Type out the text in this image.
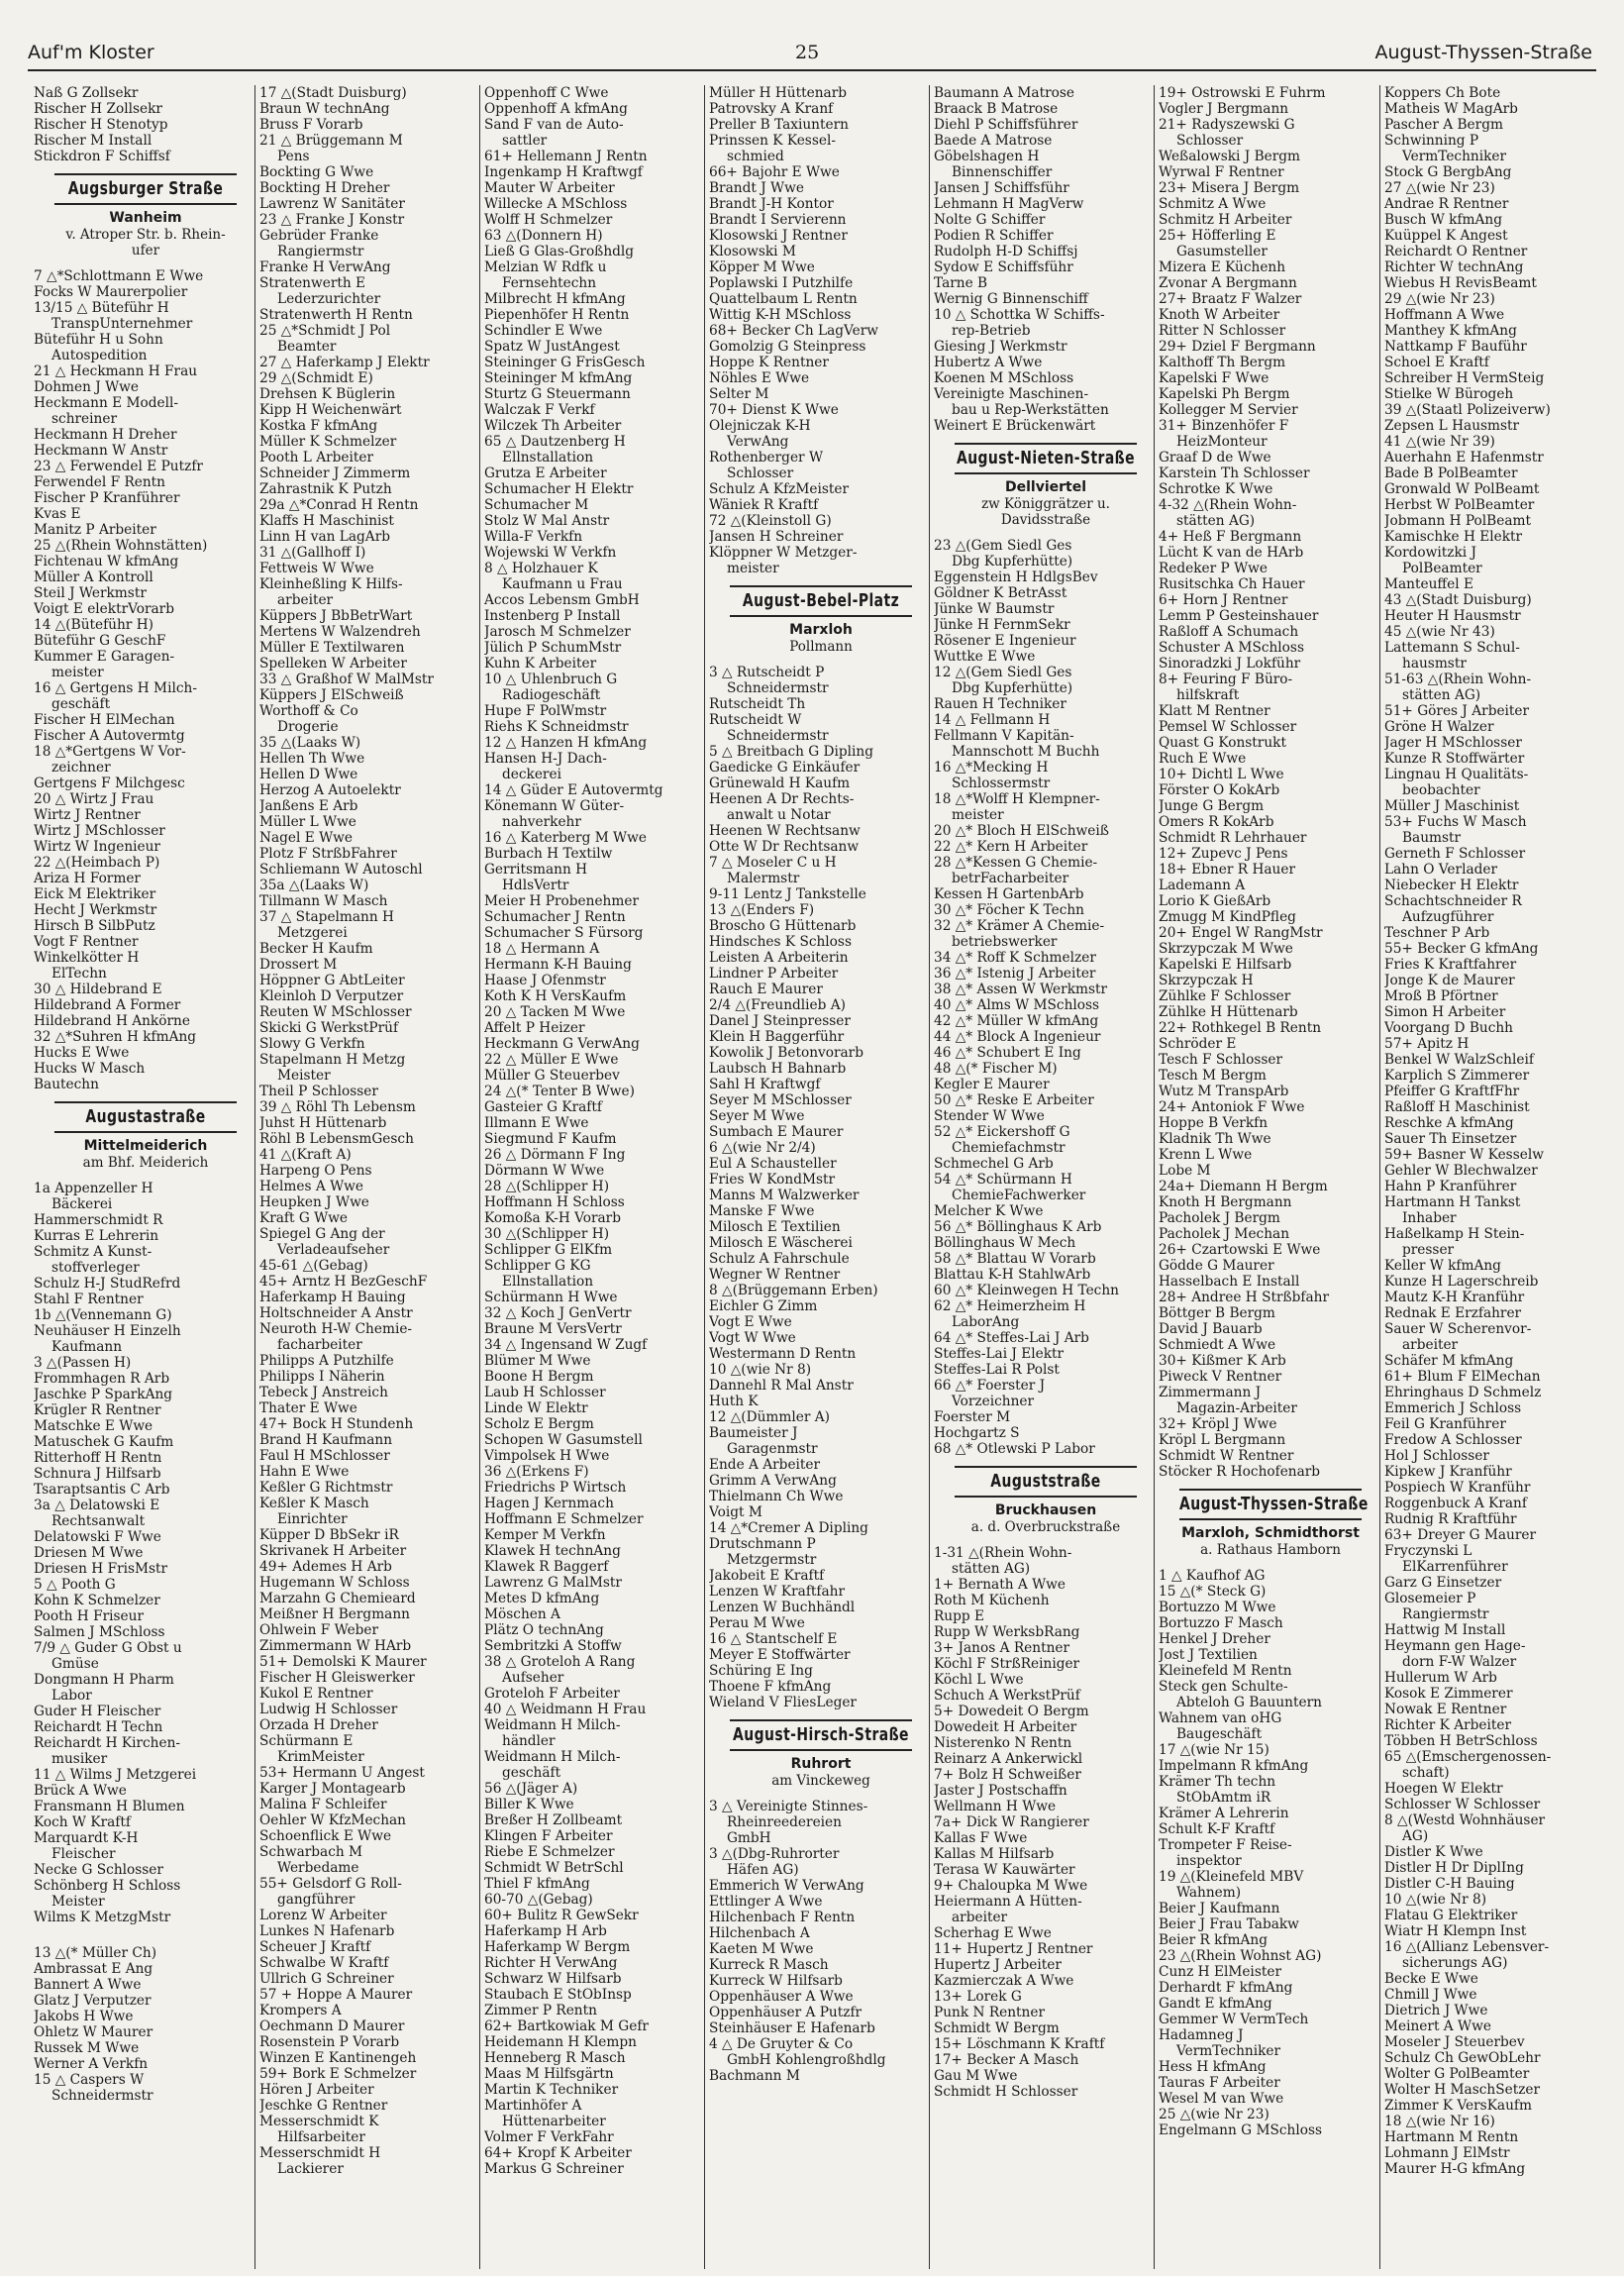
Auf'm Kloster	25	August-Thyssen-Straße
Naß G Zollsekr
Rischer H Zollsekr
Rischer H Stenotyp
Rischer M Install
Stickdron F Schiffsf
Augsburger Straße
Wanheim
v. Atroper Str. b. Rhein-
ufer
7 △*Schlottmann E Wwe
Focks W Maurerpolier
13/15 △ Büteführ H
TranspUnternehmer
Büteführ H u Sohn
Autospedition
21 △ Heckmann H Frau
Dohmen J Wwe
Heckmann E Modell-
schreiner
Heckmann H Dreher
Heckmann W Anstr
23 △ Ferwendel E Putzfr
Ferwendel F Rentn
Fischer P Kranführer
Kvas E
Manitz P Arbeiter
25 △(Rhein Wohnstätten)
Fichtenau W kfmAng
Müller A Kontroll
Steil J Werkmstr
Voigt E elektrVorarb
14 △(Büteführ H)
Büteführ G GeschF
Kummer E Garagen-
meister
16 △ Gertgens H Milch-
geschäft
Fischer H ElMechan
Fischer A Autovermtg
18 △*Gertgens W Vor-
zeichner
Gertgens F Milchgesc
20 △ Wirtz J Frau
Wirtz J Rentner
Wirtz J MSchlosser
Wirtz W Ingenieur
22 △(Heimbach P)
Ariza H Former
Eick M Elektriker
Hecht J Werkmstr
Hirsch B SilbPutz
Vogt F Rentner
Winkelkötter H
ElTechn
30 △ Hildebrand E
Hildebrand A Former
Hildebrand H Ankörne
32 △*Suhren H kfmAng
Hucks E Wwe
Hucks W Masch
Bautechn
Augustastraße
Mittelmeiderich
am Bhf. Meiderich
1a Appenzeller H
Bäckerei
Hammerschmidt R
Kurras E Lehrerin
Schmitz A Kunst-
stoffverleger
Schulz H-J StudRefrd
Stahl F Rentner
1b △(Vennemann G)
Neuhäuser H Einzelh
Kaufmann
3 △(Passen H)
Frommhagen R Arb
Jaschke P SparkAng
Krügler R Rentner
Matschke E Wwe
Matuschek G Kaufm
Ritterhoff H Rentn
Schnura J Hilfsarb
Tsaraptsantis C Arb
3a △ Delatowski E
Rechtsanwalt
Delatowski F Wwe
Driesen M Wwe
Driesen H FrisMstr
5 △ Pooth G
Kohn K Schmelzer
Pooth H Friseur
Salmen J MSchloss
7/9 △ Guder G Obst u
Gmüse
Dongmann H Pharm
Labor
Guder H Fleischer
Reichardt H Techn
Reichardt H Kirchen-
musiker
11 △ Wilms J Metzgerei
Brück A Wwe
Fransmann H Blumen
Koch W Kraftf
Marquardt K-H
Fleischer
Necke G Schlosser
Schönberg H Schloss
Meister
Wilms K MetzgMstr
13 △(* Müller Ch)
Ambrassat E Ang
Bannert A Wwe
Glatz J Verputzer
Jakobs H Wwe
Ohletz W Maurer
Russek M Wwe
Werner A Verkfn
15 △ Caspers W
Schneidermstr
17 △(Stadt Duisburg)
Braun W technAng
Bruss F Vorarb
21 △ Brüggemann M
Pens
Bockting G Wwe
Bockting H Dreher
Lawrenz W Sanitäter
23 △ Franke J Konstr
Gebrüder Franke
Rangiermstr
Franke H VerwAng
Stratenwerth E
Lederzurichter
Stratenwerth H Rentn
25 △*Schmidt J Pol
Beamter
27 △ Haferkamp J Elektr
29 △(Schmidt E)
Drehsen K Büglerin
Kipp H Weichenwärt
Kostka F kfmAng
Müller K Schmelzer
Pooth L Arbeiter
Schneider J Zimmerm
Zahrastnik K Putzh
29a △*Conrad H Rentn
Klaffs H Maschinist
Linn H van LagArb
31 △(Gallhoff I)
Fettweis W Wwe
Kleinheßling K Hilfs-
arbeiter
Küppers J BbBetrWart
Mertens W Walzendreh
Müller E Textilwaren
Spelleken W Arbeiter
33 △ Graßhof W MalMstr
Küppers J ElSchweiß
Worthoff & Co
Drogerie
35 △(Laaks W)
Hellen Th Wwe
Hellen D Wwe
Herzog A Autoelektr
Janßens E Arb
Müller L Wwe
Nagel E Wwe
Plotz F StrßbFahrer
Schliemann W Autoschl
35a △(Laaks W)
Tillmann W Masch
37 △ Stapelmann H
Metzgerei
Becker H Kaufm
Drossert M
Höppner G AbtLeiter
Kleinloh D Verputzer
Reuten W MSchlosser
Skicki G WerkstPrüf
Slowy G Verkfn
Stapelmann H Metzg
Meister
Theil P Schlosser
39 △ Röhl Th Lebensm
Juhst H Hüttenarb
Röhl B LebensmGesch
41 △(Kraft A)
Harpeng O Pens
Helmes A Wwe
Heupken J Wwe
Kraft G Wwe
Spiegel G Ang der
Verladeaufseher
45-61 △(Gebag)
45+ Arntz H BezGeschF
Haferkamp H Bauing
Holtschneider A Anstr
Neuroth H-W Chemie-
facharbeiter
Philipps A Putzhilfe
Philipps I Näherin
Tebeck J Anstreich
Thater E Wwe
47+ Bock H Stundenh
Brand H Kaufmann
Faul H MSchlosser
Hahn E Wwe
Keßler G Richtmstr
Keßler K Masch
Einrichter
Küpper D BbSekr iR
Skrivanek H Arbeiter
49+ Ademes H Arb
Hugemann W Schloss
Marzahn G Chemieard
Meißner H Bergmann
Ohlwein F Weber
Zimmermann W HArb
51+ Demolski K Maurer
Fischer H Gleiswerker
Kukol E Rentner
Ludwig H Schlosser
Orzada H Dreher
Schürmann E
KrimMeister
53+ Hermann U Angest
Karger J Montagearb
Malina F Schleifer
Oehler W KfzMechan
Schoenflick E Wwe
Schwarbach M
Werbedame
55+ Gelsdorf G Roll-
gangführer
Lorenz W Arbeiter
Lunkes N Hafenarb
Scheuer J Kraftf
Schwalbe W Kraftf
Ullrich G Schreiner
57 + Hoppe A Maurer
Krompers A
Oechmann D Maurer
Rosenstein P Vorarb
Winzen E Kantinengeh
59+ Bork E Schmelzer
Hören J Arbeiter
Jeschke G Rentner
Messerschmidt K
Hilfsarbeiter
Messerschmidt H
Lackierer
Oppenhoff C Wwe
Oppenhoff A kfmAng
Sand F van de Auto-
sattler
61+ Hellemann J Rentn
Ingenkamp H Kraftwgf
Mauter W Arbeiter
Willecke A MSchloss
Wolff H Schmelzer
63 △(Donnern H)
Ließ G Glas-Großhdlg
Melzian W Rdfk u
Fernsehtechn
Milbrecht H kfmAng
Piepenhöfer H Rentn
Schindler E Wwe
Spatz W JustAngest
Steininger G FrisGesch
Steininger M kfmAng
Sturtz G Steuermann
Walczak F Verkf
Wilczek Th Arbeiter
65 △ Dautzenberg H
Ellnstallation
Grutza E Arbeiter
Schumacher H Elektr
Schumacher M
Stolz W Mal Anstr
Willa-F Verkfn
Wojewski W Verkfn
8 △ Holzhauer K
Kaufmann u Frau
Accos Lebensm GmbH
Instenberg P Install
Jarosch M Schmelzer
Jülich P SchumMstr
Kuhn K Arbeiter
10 △ Uhlenbruch G
Radiogeschäft
Hupe F PolWmstr
Riehs K Schneidmstr
12 △ Hanzen H kfmAng
Hansen H-J Dach-
deckerei
14 △ Güder E Autovermtg
Könemann W Güter-
nahverkehr
16 △ Katerberg M Wwe
Burbach H Textilw
Gerritsmann H
HdlsVertr
Meier H Probenehmer
Schumacher J Rentn
Schumacher S Fürsorg
18 △ Hermann A
Hermann K-H Bauing
Haase J Ofenmstr
Koth K H VersKaufm
20 △ Tacken M Wwe
Affelt P Heizer
Heckmann G VerwAng
22 △ Müller E Wwe
Müller G Steuerbev
24 △(* Tenter B Wwe)
Gasteier G Kraftf
Illmann E Wwe
Siegmund F Kaufm
26 △ Dörmann F Ing
Dörmann W Wwe
28 △(Schlipper H)
Hoffmann H Schloss
Komoßa K-H Vorarb
30 △(Schlipper H)
Schlipper G ElKfm
Schlipper G KG
Ellnstallation
Schürmann H Wwe
32 △ Koch J GenVertr
Braune M VersVertr
34 △ Ingensand W Zugf
Blümer M Wwe
Boone H Bergm
Laub H Schlosser
Linde W Elektr
Scholz E Bergm
Schopen W Gasumstell
Vimpolsek H Wwe
36 △(Erkens F)
Friedrichs P Wirtsch
Hagen J Kernmach
Hoffmann E Schmelzer
Kemper M Verkfn
Klawek H technAng
Klawek R Baggerf
Lawrenz G MalMstr
Metes D kfmAng
Möschen A
Plätz O technAng
Sembritzki A Stoffw
38 △ Groteloh A Rang
Aufseher
Groteloh F Arbeiter
40 △ Weidmann H Frau
Weidmann H Milch-
händler
Weidmann H Milch-
geschäft
56 △(Jäger A)
Biller K Wwe
Breßer H Zollbeamt
Klingen F Arbeiter
Riebe E Schmelzer
Schmidt W BetrSchl
Thiel F kfmAng
60-70 △(Gebag)
60+ Bulitz R GewSekr
Haferkamp H Arb
Haferkamp W Bergm
Richter H VerwAng
Schwarz W Hilfsarb
Staubach E StObInsp
Zimmer P Rentn
62+ Bartkowiak M Gefr
Heidemann H Klempn
Henneberg R Masch
Maas M Hilfsgärtn
Martin K Techniker
Martinhöfer A
Hüttenarbeiter
Volmer F VerkFahr
64+ Kropf K Arbeiter
Markus G Schreiner
Müller H Hüttenarb
Patrovsky A Kranf
Preller B Taxiuntern
Prinssen K Kessel-
schmied
66+ Bajohr E Wwe
Brandt J Wwe
Brandt J-H Kontor
Brandt I Servierenn
Klosowski J Rentner
Klosowski M
Köpper M Wwe
Poplawski I Putzhilfe
Quattelbaum L Rentn
Wittig K-H MSchloss
68+ Becker Ch LagVerw
Gomolzig G Steinpress
Hoppe K Rentner
Nöhles E Wwe
Selter M
70+ Dienst K Wwe
Olejniczak K-H
VerwAng
Rothenberger W
Schlosser
Schulz A KfzMeister
Wäniek R Kraftf
72 △(Kleinstoll G)
Jansen H Schreiner
Klöppner W Metzger-
meister
August-Bebel-Platz
Marxloh
Pollmann
3 △ Rutscheidt P
Schneidermstr
Rutscheidt Th
Rutscheidt W
Schneidermstr
5 △ Breitbach G Dipling
Gaedicke G Einkäufer
Grünewald H Kaufm
Heenen A Dr Rechts-
anwalt u Notar
Heenen W Rechtsanw
Otte W Dr Rechtsanw
7 △ Moseler C u H
Malermstr
9-11 Lentz J Tankstelle
13 △(Enders F)
Broscho G Hüttenarb
Hindsches K Schloss
Leisten A Arbeiterin
Lindner P Arbeiter
Rauch E Maurer
2/4 △(Freundlieb A)
Danel J Steinpresser
Klein H Baggerführ
Kowolik J Betonvorarb
Laubsch H Bahnarb
Sahl H Kraftwgf
Seyer M MSchlosser
Seyer M Wwe
Sumbach E Maurer
6 △(wie Nr 2/4)
Eul A Schausteller
Fries W KondMstr
Manns M Walzwerker
Manske F Wwe
Milosch E Textilien
Milosch E Wäscherei
Schulz A Fahrschule
Wegner W Rentner
8 △(Brüggemann Erben)
Eichler G Zimm
Vogt E Wwe
Vogt W Wwe
Westermann D Rentn
10 △(wie Nr 8)
Dannehl R Mal Anstr
Huth K
12 △(Dümmler A)
Baumeister J
Garagenmstr
Ende A Arbeiter
Grimm A VerwAng
Thielmann Ch Wwe
Voigt M
14 △*Cremer A Dipling
Drutschmann P
Metzgermstr
Jakobeit E Kraftf
Lenzen W Kraftfahr
Lenzen W Buchhändl
Perau M Wwe
16 △ Stantschelf E
Meyer E Stoffwärter
Schüring E Ing
Thoene F kfmAng
Wieland V FliesLeger
August-Hirsch-Straße
Ruhrort
am Vinckeweg
3 △ Vereinigte Stinnes-
Rheinreedereien
GmbH
3 △(Dbg-Ruhrorter
Häfen AG)
Emmerich W VerwAng
Ettlinger A Wwe
Hilchenbach F Rentn
Hilchenbach A
Kaeten M Wwe
Kurreck R Masch
Kurreck W Hilfsarb
Oppenhäuser A Wwe
Oppenhäuser A Putzfr
Steinhäuser E Hafenarb
4 △ De Gruyter & Co
GmbH Kohlengroßhdlg
Bachmann M
Baumann A Matrose
Braack B Matrose
Diehl P Schiffsführer
Baede A Matrose
Göbelshagen H
Binnenschiffer
Jansen J Schiffsführ
Lehmann H MagVerw
Nolte G Schiffer
Podien R Schiffer
Rudolph H-D Schiffsj
Sydow E Schiffsführ
Tarne B
Wernig G Binnenschiff
10 △ Schottka W Schiffs-
rep-Betrieb
Giesing J Werkmstr
Hubertz A Wwe
Koenen M MSchloss
Vereinigte Maschinen-
bau u Rep-Werkstätten
Weinert E Brückenwärt
August-Nieten-Straße
Dellviertel
zw Königgrätzer u.
Davidsstraße
23 △(Gem Siedl Ges
Dbg Kupferhütte)
Eggenstein H HdlgsBev
Göldner K BetrAsst
Jünke W Baumstr
Jünke H FernmSekr
Rösener E Ingenieur
Wuttke E Wwe
12 △(Gem Siedl Ges
Dbg Kupferhütte)
Rauen H Techniker
14 △ Fellmann H
Fellmann V Kapitän-
Mannschott M Buchh
16 △*Mecking H
Schlossermstr
18 △*Wolff H Klempner-
meister
20 △* Bloch H ElSchweiß
22 △* Kern H Arbeiter
28 △*Kessen G Chemie-
betrFacharbeiter
Kessen H GartenbArb
30 △* Föcher K Techn
32 △* Krämer A Chemie-
betriebswerker
34 △* Roff K Schmelzer
36 △* Istenig J Arbeiter
38 △* Assen W Werkmstr
40 △* Alms W MSchloss
42 △* Müller W kfmAng
44 △* Block A Ingenieur
46 △* Schubert E Ing
48 △(* Fischer M)
Kegler E Maurer
50 △* Reske E Arbeiter
Stender W Wwe
52 △* Eickershoff G
Chemiefachmstr
Schmechel G Arb
54 △* Schürmann H
ChemieFachwerker
Melcher K Wwe
56 △* Böllinghaus K Arb
Böllinghaus W Mech
58 △* Blattau W Vorarb
Blattau K-H StahlwArb
60 △* Kleinwegen H Techn
62 △* Heimerzheim H
LaborAng
64 △* Steffes-Lai J Arb
Steffes-Lai J Elektr
Steffes-Lai R Polst
66 △* Foerster J
Vorzeichner
Foerster M
Hochgartz S
68 △* Otlewski P Labor
Auguststraße
Bruckhausen
a. d. Overbruckstraße
1-31 △(Rhein Wohn-
stätten AG)
1+ Bernath A Wwe
Roth M Küchenh
Rupp E
Rupp W WerksbRang
3+ Janos A Rentner
Köchl F StrßReiniger
Köchl L Wwe
Schuch A WerkstPrüf
5+ Dowedeit O Bergm
Dowedeit H Arbeiter
Nisterenko N Rentn
Reinarz A Ankerwickl
7+ Bolz H Schweißer
Jaster J Postschaffn
Wellmann H Wwe
7a+ Dick W Rangierer
Kallas F Wwe
Kallas M Hilfsarb
Terasa W Kauwärter
9+ Chaloupka M Wwe
Heiermann A Hütten-
arbeiter
Scherhag E Wwe
11+ Hupertz J Rentner
Hupertz J Arbeiter
Kazmierczak A Wwe
13+ Lorek G
Punk N Rentner
Schmidt W Bergm
15+ Löschmann K Kraftf
17+ Becker A Masch
Gau M Wwe
Schmidt H Schlosser
19+ Ostrowski E Fuhrm
Vogler J Bergmann
21+ Radyszewski G
Schlosser
Weßalowski J Bergm
Wyrwal F Rentner
23+ Misera J Bergm
Schmitz A Wwe
Schmitz H Arbeiter
25+ Höfferling E
Gasumsteller
Mizera E Küchenh
Zvonar A Bergmann
27+ Braatz F Walzer
Knoth W Arbeiter
Ritter N Schlosser
29+ Dziel F Bergmann
Kalthoff Th Bergm
Kapelski F Wwe
Kapelski Ph Bergm
Kollegger M Servier
31+ Binzenhöfer F
HeizMonteur
Graaf D de Wwe
Karstein Th Schlosser
Schrotke K Wwe
4-32 △(Rhein Wohn-
stätten AG)
4+ Heß F Bergmann
Lücht K van de HArb
Redeker P Wwe
Rusitschka Ch Hauer
6+ Horn J Rentner
Lemm P Gesteinshauer
Raßloff A Schumach
Schuster A MSchloss
Sinoradzki J Lokführ
8+ Feuring F Büro-
hilfskraft
Klatt M Rentner
Pemsel W Schlosser
Quast G Konstrukt
Ruch E Wwe
10+ Dichtl L Wwe
Förster O KokArb
Junge G Bergm
Omers R KokArb
Schmidt R Lehrhauer
12+ Zupevc J Pens
18+ Ebner R Hauer
Lademann A
Lorio K GießArb
Zmugg M KindPfleg
20+ Engel W RangMstr
Skrzypczak M Wwe
Kapelski E Hilfsarb
Skrzypczak H
Zühlke F Schlosser
Zühlke H Hüttenarb
22+ Rothkegel B Rentn
Schröder E
Tesch F Schlosser
Tesch M Bergm
Wutz M TranspArb
24+ Antoniok F Wwe
Hoppe B Verkfn
Kladnik Th Wwe
Krenn L Wwe
Lobe M
24a+ Diemann H Bergm
Knoth H Bergmann
Pacholek J Bergm
Pacholek J Mechan
26+ Czartowski E Wwe
Gödde G Maurer
Hasselbach E Install
28+ Andree H Strßbfahr
Böttger B Bergm
David J Bauarb
Schmiedt A Wwe
30+ Kißmer K Arb
Piweck V Rentner
Zimmermann J
Magazin-Arbeiter
32+ Kröpl J Wwe
Kröpl L Bergmann
Schmidt W Rentner
Stöcker R Hochofenarb
August-Thyssen-Straße
Marxloh, Schmidthorst
a. Rathaus Hamborn
1 △ Kaufhof AG
15 △(* Steck G)
Bortuzzo M Wwe
Bortuzzo F Masch
Henkel J Dreher
Jost J Textilien
Kleinefeld M Rentn
Steck gen Schulte-
Abteloh G Bauuntern
Wahnem van oHG
Baugeschäft
17 △(wie Nr 15)
Impelmann R kfmAng
Krämer Th techn
StObAmtm iR
Krämer A Lehrerin
Schult K-F Kraftf
Trompeter F Reise-
inspektor
19 △(Kleinefeld MBV
Wahnem)
Beier J Kaufmann
Beier J Frau Tabakw
Beier R kfmAng
23 △(Rhein Wohnst AG)
Cunz H ElMeister
Derhardt F kfmAng
Gandt E kfmAng
Gemmer W VermTech
Hadamneg J
VermTechniker
Hess H kfmAng
Tauras F Arbeiter
Wesel M van Wwe
25 △(wie Nr 23)
Engelmann G MSchloss
Koppers Ch Bote
Matheis W MagArb
Pascher A Bergm
Schwinning P
VermTechniker
Stock G BergbAng
27 △(wie Nr 23)
Andrae R Rentner
Busch W kfmAng
Kuüppel K Angest
Reichardt O Rentner
Richter W technAng
Wiebus H RevisBeamt
29 △(wie Nr 23)
Hoffmann A Wwe
Manthey K kfmAng
Nattkamp F Bauführ
Schoel E Kraftf
Schreiber H VermSteig
Stielke W Bürogeh
39 △(Staatl Polizeiverw)
Zepsen L Hausmstr
41 △(wie Nr 39)
Auerhahn E Hafenmstr
Bade B PolBeamter
Gronwald W PolBeamt
Herbst W PolBeamter
Jobmann H PolBeamt
Kamischke H Elektr
Kordowitzki J
PolBeamter
Manteuffel E
43 △(Stadt Duisburg)
Heuter H Hausmstr
45 △(wie Nr 43)
Lattemann S Schul-
hausmstr
51-63 △(Rhein Wohn-
stätten AG)
51+ Göres J Arbeiter
Gröne H Walzer
Jager H MSchlosser
Kunze R Stoffwärter
Lingnau H Qualitäts-
beobachter
Müller J Maschinist
53+ Fuchs W Masch
Baumstr
Gerneth F Schlosser
Lahn O Verlader
Niebecker H Elektr
Schachtschneider R
Aufzugführer
Teschner P Arb
55+ Becker G kfmAng
Fries K Kraftfahrer
Jonge K de Maurer
Mroß B Pförtner
Simon H Arbeiter
Voorgang D Buchh
57+ Apitz H
Benkel W WalzSchleif
Karplich S Zimmerer
Pfeiffer G KraftfFhr
Raßloff H Maschinist
Reschke A kfmAng
Sauer Th Einsetzer
59+ Basner W Kesselw
Gehler W Blechwalzer
Hahn P Kranführer
Hartmann H Tankst
Inhaber
Haßelkamp H Stein-
presser
Keller W kfmAng
Kunze H Lagerschreib
Mautz K-H Kranführ
Rednak E Erzfahrer
Sauer W Scherenvor-
arbeiter
Schäfer M kfmAng
61+ Blum F ElMechan
Ehringhaus D Schmelz
Emmerich J Schloss
Feil G Kranführer
Fredow A Schlosser
Hol J Schlosser
Kipkew J Kranführ
Pospiech W Kranführ
Roggenbuck A Kranf
Rudnig R Kraftführ
63+ Dreyer G Maurer
Fryczynski L
ElKarrenführer
Garz G Einsetzer
Glosemeier P
Rangiermstr
Hattwig M Install
Heymann gen Hage-
dorn F-W Walzer
Hullerum W Arb
Kosok E Zimmerer
Nowak E Rentner
Richter K Arbeiter
Többen H BetrSchloss
65 △(Emschergenossen-
schaft)
Hoegen W Elektr
Schlosser W Schlosser
8 △(Westd Wohnhäuser
AG)
Distler K Wwe
Distler H Dr DiplIng
Distler C-H Bauing
10 △(wie Nr 8)
Flatau G Elektriker
Wiatr H Klempn Inst
16 △(Allianz Lebensver-
sicherungs AG)
Becke E Wwe
Chmill J Wwe
Dietrich J Wwe
Meinert A Wwe
Moseler J Steuerbev
Schulz Ch GewObLehr
Wolter G PolBeamter
Wolter H MaschSetzer
Zimmer K VersKaufm
18 △(wie Nr 16)
Hartmann M Rentn
Lohmann J ElMstr
Maurer H-G kfmAng
